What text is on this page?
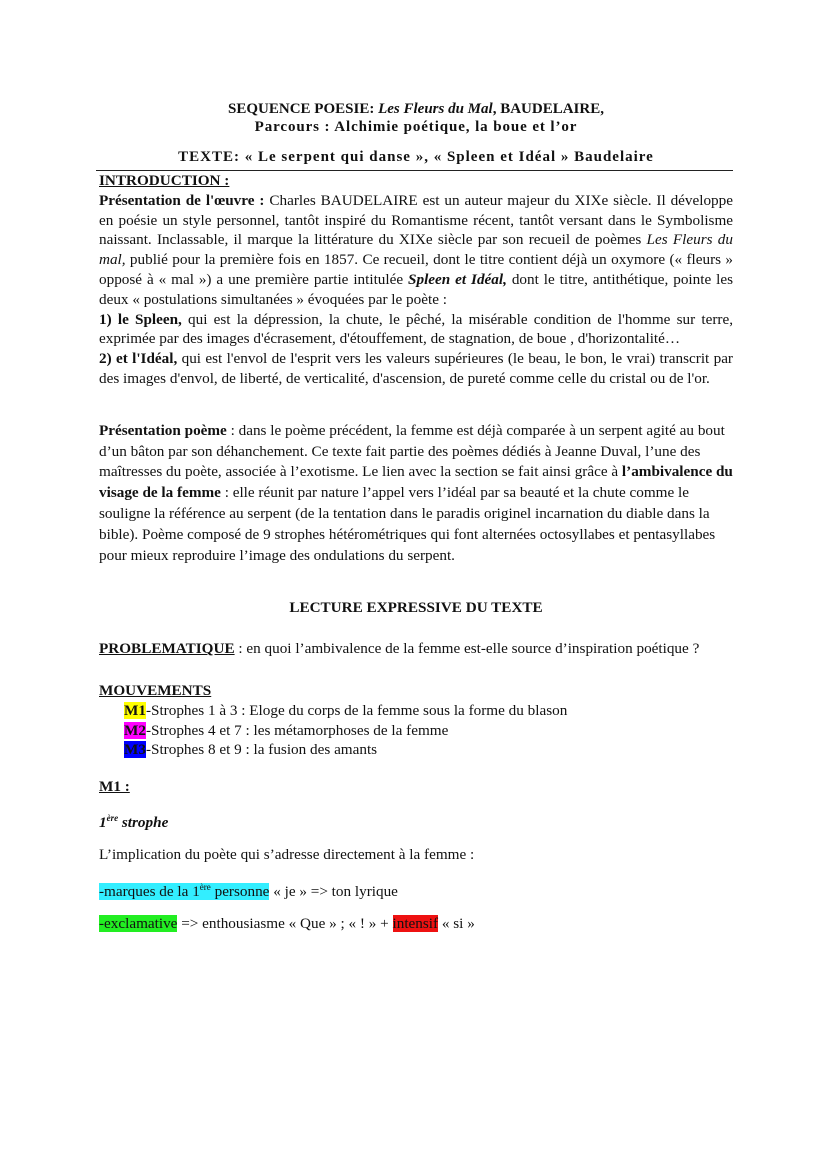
SEQUENCE POESIE: Les Fleurs du Mal, BAUDELAIRE,
Parcours : Alchimie poétique, la boue et l’or
TEXTE: « Le serpent qui danse », « Spleen et Idéal » Baudelaire
INTRODUCTION :

Présentation de l'œuvre : Charles BAUDELAIRE est un auteur majeur du XIXe siècle. Il développe en poésie un style personnel, tantôt inspiré du Romantisme récent, tantôt versant dans le Symbolisme naissant. Inclassable, il marque la littérature du XIXe siècle par son recueil de poèmes Les Fleurs du mal, publié pour la première fois en 1857. Ce recueil, dont le titre contient déjà un oxymore (« fleurs » opposé à « mal ») a une première partie intitulée Spleen et Idéal, dont le titre, antithétique, pointe les deux « postulations simultanées » évoquées par le poète :

1) le Spleen, qui est la dépression, la chute, le pêché, la misérable condition de l'homme sur terre, exprimée par des images d'écrasement, d'étouffement, de stagnation, de boue , d'horizontalité…

2) et l'Idéal, qui est l'envol de l'esprit vers les valeurs supérieures (le beau, le bon, le vrai) transcrit par des images d'envol, de liberté, de verticalité, d'ascension, de pureté comme celle du cristal ou de l'or.

Présentation poème : dans le poème précédent, la femme est déjà comparée à un serpent agité au bout d’un bâton par son déhanchement. Ce texte fait partie des poèmes dédiés à Jeanne Duval, l’une des maîtresses du poète, associée à l’exotisme. Le lien avec la section se fait ainsi grâce à l’ambivalence du visage de la femme : elle réunit par nature l’appel vers l’idéal par sa beauté et la chute comme le souligne la référence au serpent (de la tentation dans le paradis originel incarnation du diable dans la bible). Poème composé de 9 strophes hétérométriques qui font alternées octosyllabes et pentasyllabes pour mieux reproduire l’image des ondulations du serpent.
LECTURE EXPRESSIVE DU TEXTE
PROBLEMATIQUE : en quoi l’ambivalence de la femme est-elle source d’inspiration poétique ?
MOUVEMENTS
M1-Strophes 1 à 3 : Eloge du corps de la femme sous la forme du blason
M2-Strophes 4 et 7 : les métamorphoses de la femme
M3-Strophes 8 et 9 : la fusion des amants
M1 :
1ère strophe
L’implication du poète qui s’adresse directement à la femme :
-marques de la 1ère personne « je » => ton lyrique
-exclamative => enthousiasme « Que » ; « ! » + intensif « si »
